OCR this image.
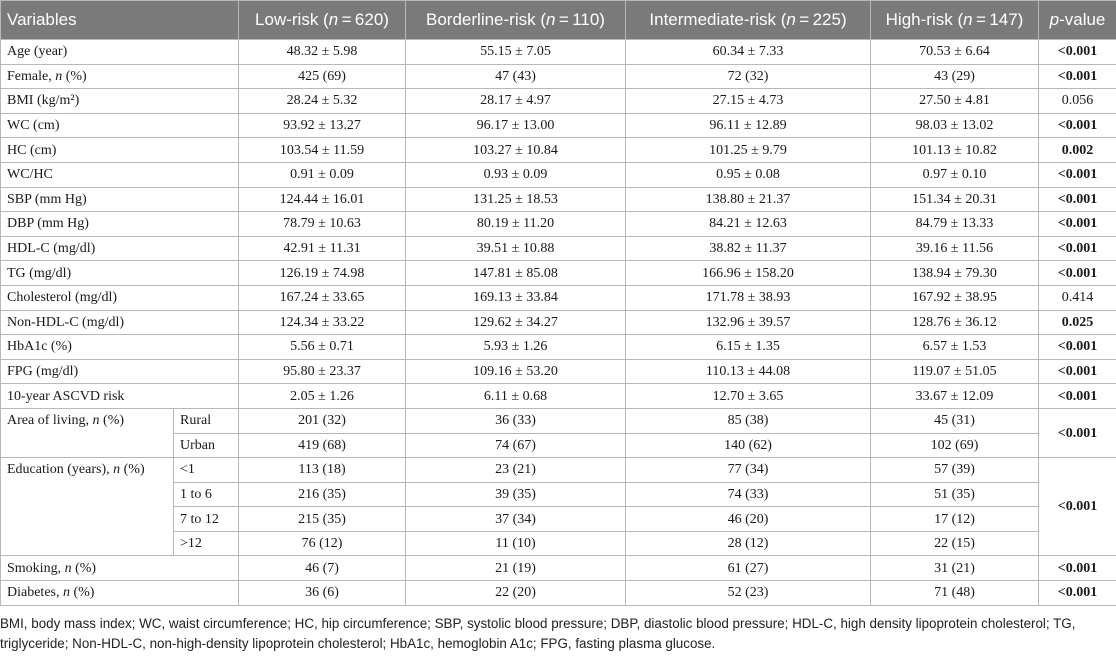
Variables		Low-risk (n = 620)	Borderline-risk (n = 110)	Intermediate-risk (n = 225)	High-risk (n = 147)	p-value
Age (year)		48.32 ± 5.98	55.15 ± 7.05	60.34 ± 7.33	70.53 ± 6.64	<0.001
Female, n (%)		425 (69)	47 (43)	72 (32)	43 (29)	<0.001
BMI (kg/m²)		28.24 ± 5.32	28.17 ± 4.97	27.15 ± 4.73	27.50 ± 4.81	0.056
WC (cm)		93.92 ± 13.27	96.17 ± 13.00	96.11 ± 12.89	98.03 ± 13.02	<0.001
HC (cm)		103.54 ± 11.59	103.27 ± 10.84	101.25 ± 9.79	101.13 ± 10.82	0.002
WC/HC		0.91 ± 0.09	0.93 ± 0.09	0.95 ± 0.08	0.97 ± 0.10	<0.001
SBP (mm Hg)		124.44 ± 16.01	131.25 ± 18.53	138.80 ± 21.37	151.34 ± 20.31	<0.001
DBP (mm Hg)		78.79 ± 10.63	80.19 ± 11.20	84.21 ± 12.63	84.79 ± 13.33	<0.001
HDL-C (mg/dl)		42.91 ± 11.31	39.51 ± 10.88	38.82 ± 11.37	39.16 ± 11.56	<0.001
TG (mg/dl)		126.19 ± 74.98	147.81 ± 85.08	166.96 ± 158.20	138.94 ± 79.30	<0.001
Cholesterol (mg/dl)		167.24 ± 33.65	169.13 ± 33.84	171.78 ± 38.93	167.92 ± 38.95	0.414
Non-HDL-C (mg/dl)		124.34 ± 33.22	129.62 ± 34.27	132.96 ± 39.57	128.76 ± 36.12	0.025
HbA1c (%)		5.56 ± 0.71	5.93 ± 1.26	6.15 ± 1.35	6.57 ± 1.53	<0.001
FPG (mg/dl)		95.80 ± 23.37	109.16 ± 53.20	110.13 ± 44.08	119.07 ± 51.05	<0.001
10-year ASCVD risk		2.05 ± 1.26	6.11 ± 0.68	12.70 ± 3.65	33.67 ± 12.09	<0.001
Area of living, n (%)	Rural	201 (32)	36 (33)	85 (38)	45 (31)	<0.001
	Urban	419 (68)	74 (67)	140 (62)	102 (69)	
Education (years), n (%)	<1	113 (18)	23 (21)	77 (34)	57 (39)	<0.001
	1 to 6	216 (35)	39 (35)	74 (33)	51 (35)	
	7 to 12	215 (35)	37 (34)	46 (20)	17 (12)	
	>12	76 (12)	11 (10)	28 (12)	22 (15)	
Smoking, n (%)		46 (7)	21 (19)	61 (27)	31 (21)	<0.001
Diabetes, n (%)		36 (6)	22 (20)	52 (23)	71 (48)	<0.001
BMI, body mass index; WC, waist circumference; HC, hip circumference; SBP, systolic blood pressure; DBP, diastolic blood pressure; HDL-C, high density lipoprotein cholesterol; TG, triglyceride; Non-HDL-C, non-high-density lipoprotein cholesterol; HbA1c, hemoglobin A1c; FPG, fasting plasma glucose.
